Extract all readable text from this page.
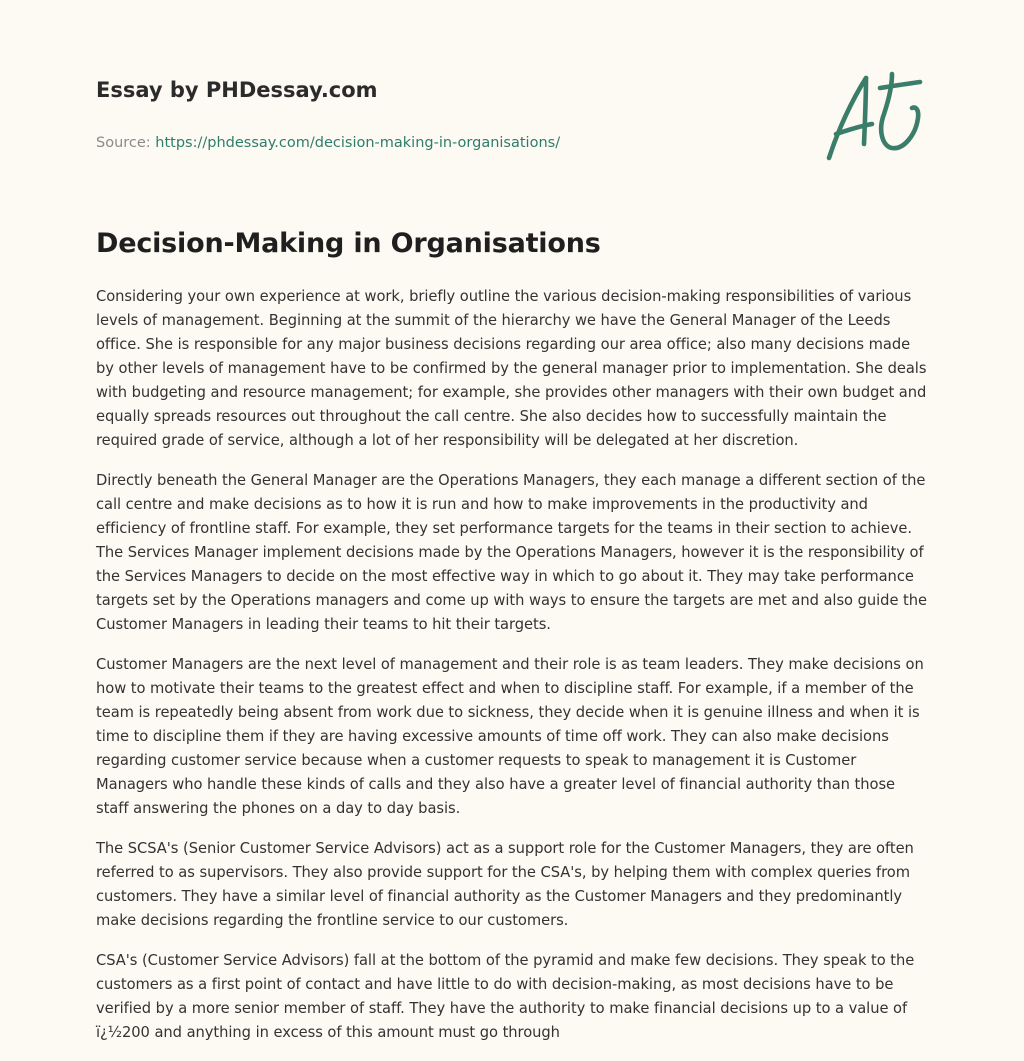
Essay by PHDessay.com
Source: https://phdessay.com/decision-making-in-organisations/
Decision-Making in Organisations

Considering your own experience at work, briefly outline the various decision-making responsibilities of various levels of management. Beginning at the summit of the hierarchy we have the General Manager of the Leeds office. She is responsible for any major business decisions regarding our area office; also many decisions made by other levels of management have to be confirmed by the general manager prior to implementation. She deals with budgeting and resource management; for example, she provides other managers with their own budget and equally spreads resources out throughout the call centre. She also decides how to successfully maintain the required grade of service, although a lot of her responsibility will be delegated at her discretion.

Directly beneath the General Manager are the Operations Managers, they each manage a different section of the call centre and make decisions as to how it is run and how to make improvements in the productivity and efficiency of frontline staff. For example, they set performance targets for the teams in their section to achieve. The Services Manager implement decisions made by the Operations Managers, however it is the responsibility of the Services Managers to decide on the most effective way in which to go about it. They may take performance targets set by the Operations managers and come up with ways to ensure the targets are met and also guide the Customer Managers in leading their teams to hit their targets.

Customer Managers are the next level of management and their role is as team leaders. They make decisions on how to motivate their teams to the greatest effect and when to discipline staff. For example, if a member of the team is repeatedly being absent from work due to sickness, they decide when it is genuine illness and when it is time to discipline them if they are having excessive amounts of time off work. They can also make decisions regarding customer service because when a customer requests to speak to management it is Customer Managers who handle these kinds of calls and they also have a greater level of financial authority than those staff answering the phones on a day to day basis.

The SCSA's (Senior Customer Service Advisors) act as a support role for the Customer Managers, they are often referred to as supervisors. They also provide support for the CSA's, by helping them with complex queries from customers. They have a similar level of financial authority as the Customer Managers and they predominantly make decisions regarding the frontline service to our customers.

CSA's (Customer Service Advisors) fall at the bottom of the pyramid and make few decisions. They speak to the customers as a first point of contact and have little to do with decision-making, as most decisions have to be verified by a more senior member of staff. They have the authority to make financial decisions up to a value of ï¿½200 and anything in excess of this amount must go through
